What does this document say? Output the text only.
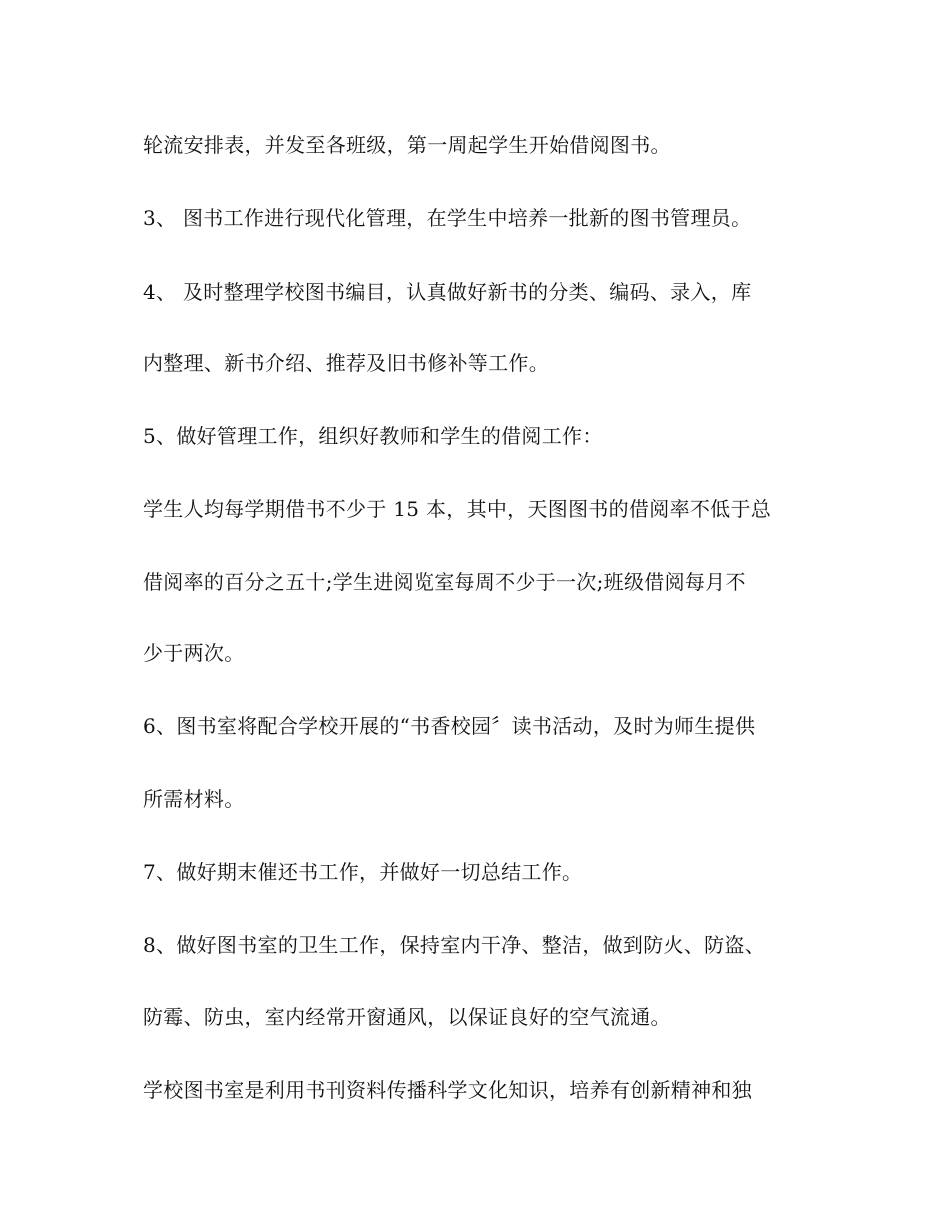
轮流安排表，并发至各班级，第一周起学生开始借阅图书。
3、 图书工作进行现代化管理，在学生中培养一批新的图书管理员。
4、 及时整理学校图书编目，认真做好新书的分类、编码、录入，库
内整理、新书介绍、推荐及旧书修补等工作。
5、做好管理工作，组织好教师和学生的借阅工作：
学生人均每学期借书不少于 15 本，其中，天图图书的借阅率不低于总
借阅率的百分之五十;学生进阅览室每周不少于一次;班级借阅每月不
少于两次。
6、图书室将配合学校开展的“书香校园〞读书活动，及时为师生提供
所需材料。
7、做好期末催还书工作，并做好一切总结工作。
8、做好图书室的卫生工作，保持室内干净、整洁，做到防火、防盗、
防霉、防虫，室内经常开窗通风，以保证良好的空气流通。
学校图书室是利用书刊资料传播科学文化知识，培养有创新精神和独
